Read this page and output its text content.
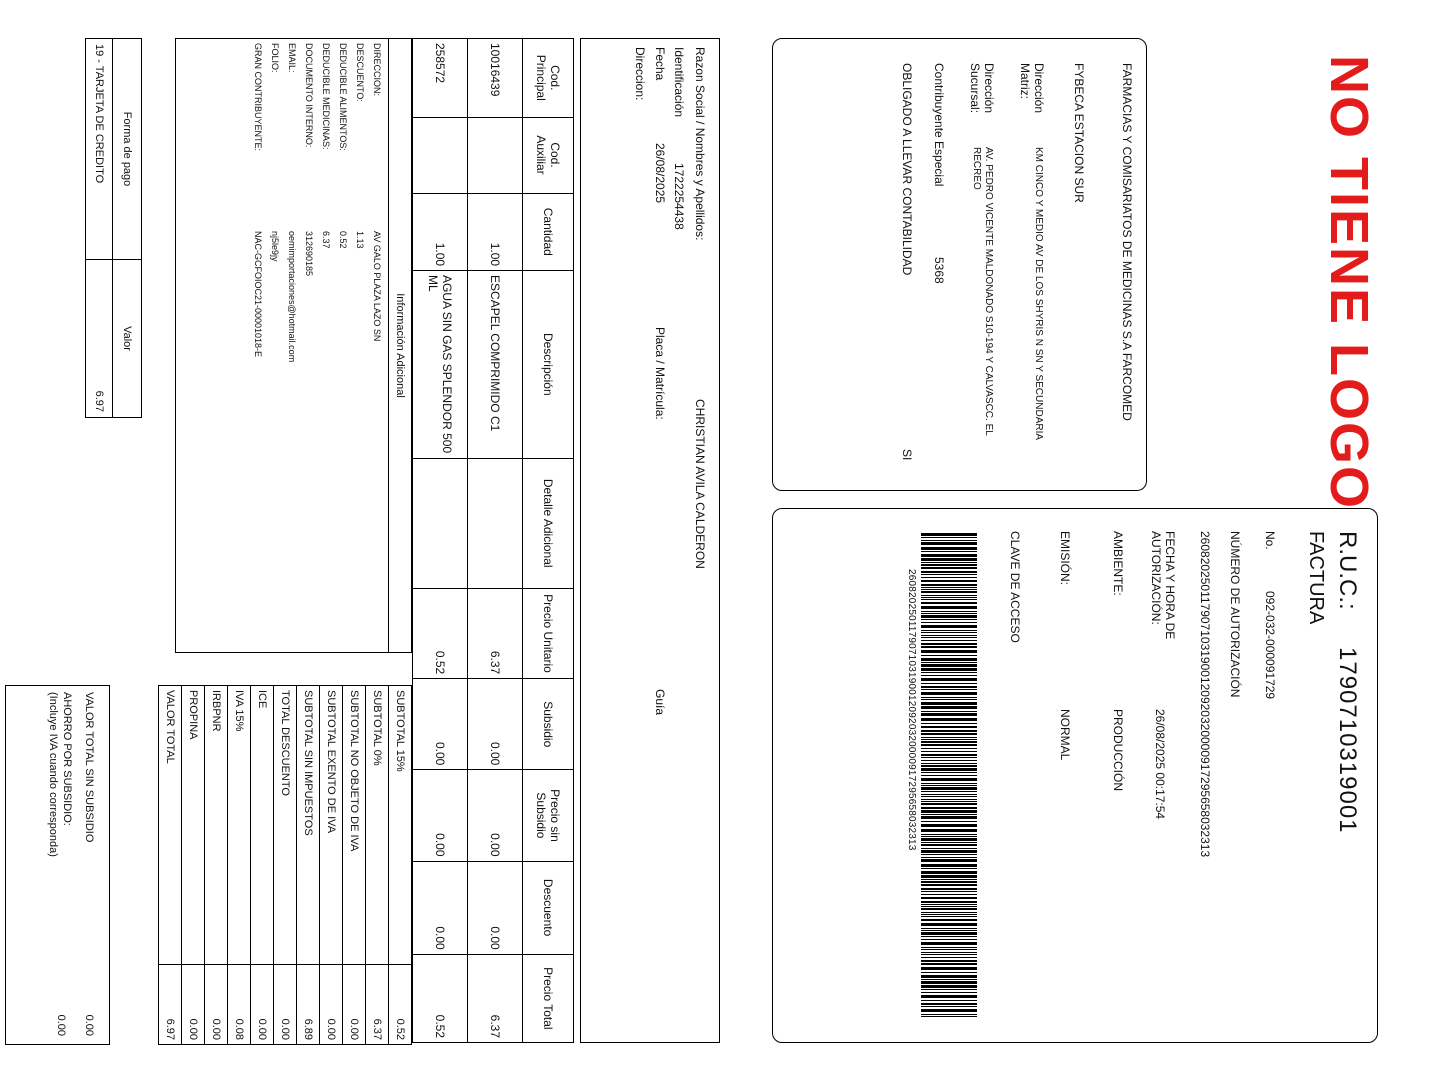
NO TIENE LOGO
FARMACIAS Y COMISARIATOS DE MEDICINAS S.A FARCOMED
FYBECA ESTACION SUR
Dirección Matriz:
KM CINCO Y MEDIO AV DE LOS SHYRIS N SN Y SECUNDARIA
Dirección Sucursal:
AV. PEDRO VICENTE MALDONADO S10-194 Y CALVASCC. EL RECREO
Contribuyente Especial
5368
OBLIGADO A LLEVAR CONTABILIDAD
SI
R.U.C.:
1790710319001
FACTURA
No.
092-032-000091729
NÚMERO DE AUTORIZACIÓN
2608202501179071031900120920320000917295658032313
FECHA Y HORA DE AUTORIZACIÓN:
26/08/2025 00:17:54
AMBIENTE:
PRODUCCIÓN
EMISIÓN:
NORMAL
CLAVE DE ACCESO
2608202501179071031900120920320000917295658032313
Razon Social / Nombres y Apellidos:
CHRISTIAN AVILA CALDERON
Identificación
1722254438
Fecha
26/08/2025
Placa / Matrícula:
Guía
Direccion:
Cod. Principal	Cod. Auxiliar	Cantidad	Descripción	Detalle Adicional	Precio Unitario	Subsidio	Precio sin Subsidio	Descuento	Precio Total
10016439		1.00	ESCAPEL COMPRIMIDO C1		6.37	0.00	0.00	0.00	6.37
258572		1.00	AGUA SIN GAS SPLENDOR 500 ML		0.52	0.00	0.00	0.00	0.52
Información Adicional
DIRECCION:	AV GALO PLAZA LAZO SN
DESCUENTO:	1.13
DEDUCIBLE ALIMENTOS:	0.52
DEDUCIBLE MEDICINAS:	6.37
DOCUMENTO INTERNO:	312690185
EMAIL:	oemimportaciones@hotmail.com
FOLIO:	nj5le9jy
GRAN CONTRIBUYENTE:	NAC-GCFOIOC21-00001018-E
Forma de pago	Valor
19 - TARJETA DE CREDITO	6.97
SUBTOTAL 15%	0.52
SUBTOTAL 0%	6.37
SUBTOTAL NO OBJETO DE IVA	0.00
SUBTOTAL EXENTO DE IVA	0.00
SUBTOTAL SIN IMPUESTOS	6.89
TOTAL DESCUENTO	0.00
ICE	0.00
IVA 15%	0.08
IRBPNR	0.00
PROPINA	0.00
VALOR TOTAL	6.97
VALOR TOTAL SIN SUBSIDIO
0.00
AHORRO POR SUBSIDIO:
(Incluye IVA cuando corresponda)
0.00
